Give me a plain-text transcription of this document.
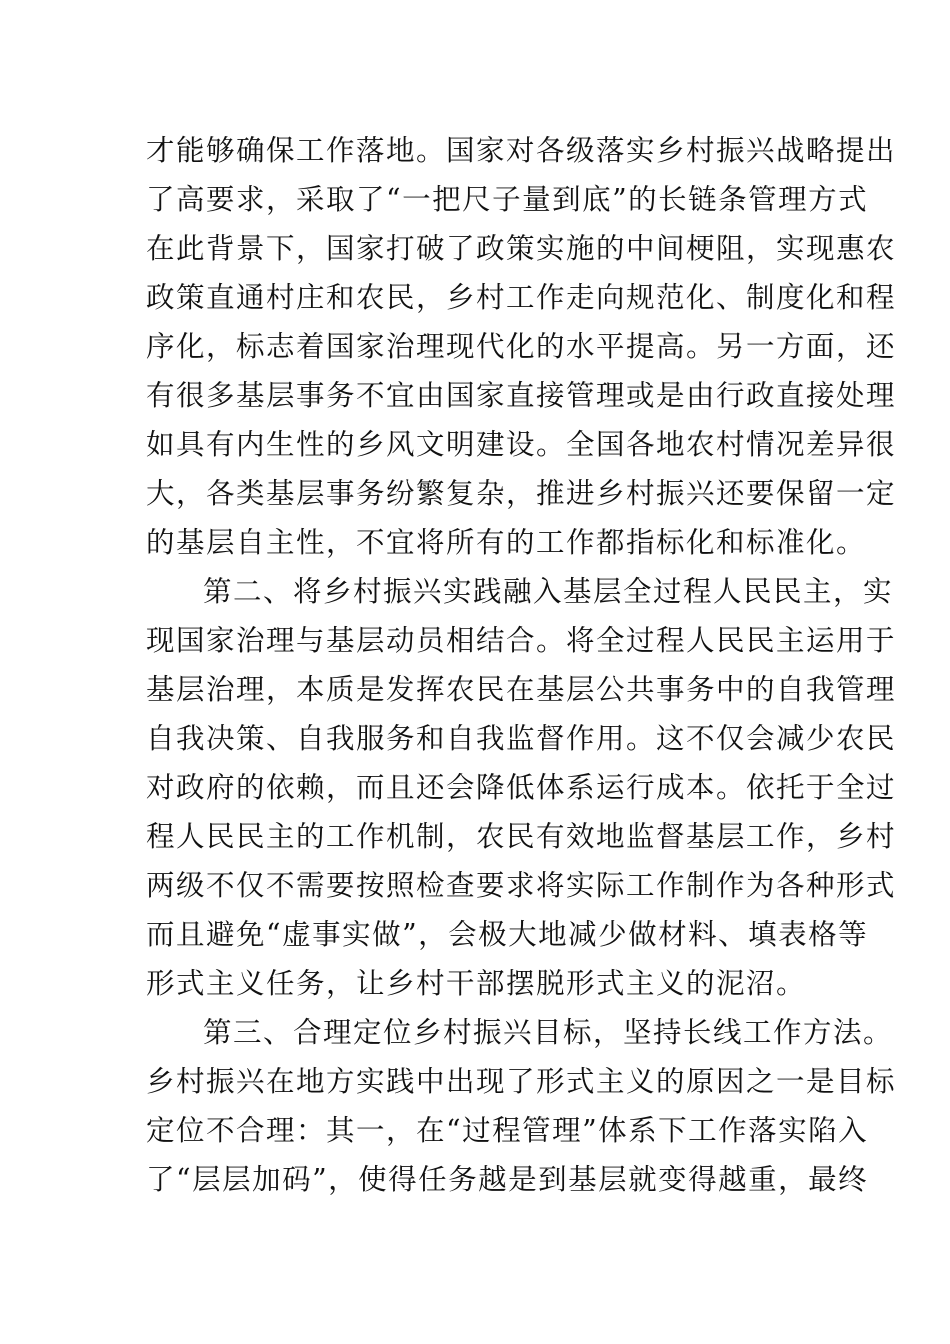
才能够确保工作落地。国家对各级落实乡村振兴战略提出
了高要求，采取了“一把尺子量到底”的长链条管理方式
在此背景下，国家打破了政策实施的中间梗阻，实现惠农
政策直通村庄和农民，乡村工作走向规范化、制度化和程
序化，标志着国家治理现代化的水平提高。另一方面，还
有很多基层事务不宜由国家直接管理或是由行政直接处理
如具有内生性的乡风文明建设。全国各地农村情况差异很
大，各类基层事务纷繁复杂，推进乡村振兴还要保留一定
的基层自主性，不宜将所有的工作都指标化和标准化。
第二、将乡村振兴实践融入基层全过程人民民主，实
现国家治理与基层动员相结合。将全过程人民民主运用于
基层治理，本质是发挥农民在基层公共事务中的自我管理
自我决策、自我服务和自我监督作用。这不仅会减少农民
对政府的依赖，而且还会降低体系运行成本。依托于全过
程人民民主的工作机制，农民有效地监督基层工作，乡村
两级不仅不需要按照检查要求将实际工作制作为各种形式
而且避免“虚事实做”，会极大地减少做材料、填表格等
形式主义任务，让乡村干部摆脱形式主义的泥沼。
第三、合理定位乡村振兴目标，坚持长线工作方法。
乡村振兴在地方实践中出现了形式主义的原因之一是目标
定位不合理：其一，在“过程管理”体系下工作落实陷入
了“层层加码”，使得任务越是到基层就变得越重，最终
